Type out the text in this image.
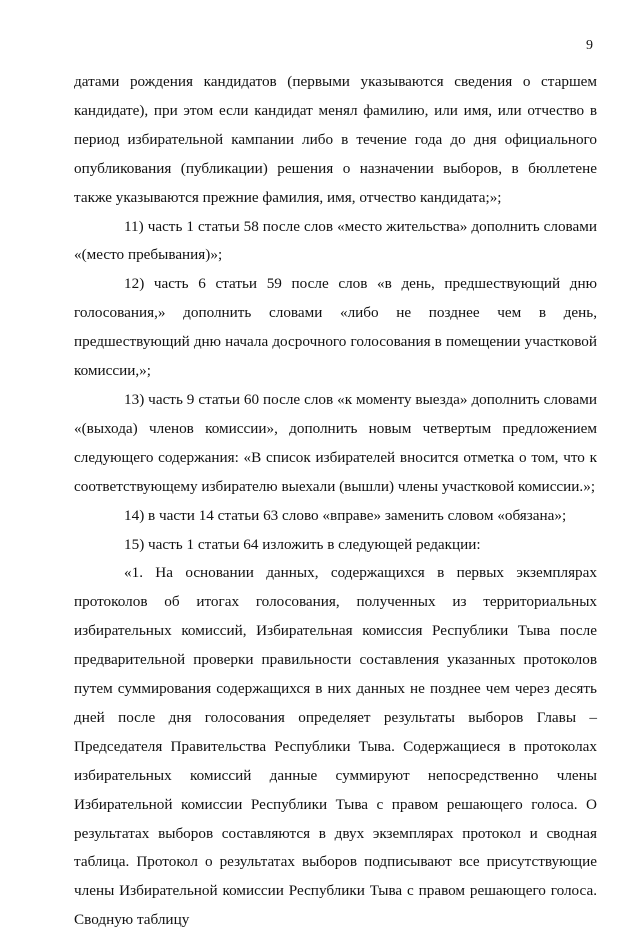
9

датами рождения кандидатов (первыми указываются сведения о старшем кандидате), при этом если кандидат менял фамилию, или имя, или отчество в период избирательной кампании либо в течение года до дня официального опубликования (публикации) решения о назначении выборов, в бюллетене также указываются прежние фамилия, имя, отчество кандидата;»;

11) часть 1 статьи 58 после слов «место жительства» дополнить словами «(место пребывания)»;

12) часть 6 статьи 59 после слов «в день, предшествующий дню голосования,» дополнить словами «либо не позднее чем в день, предшествующий дню начала досрочного голосования в помещении участковой комиссии,»;

13) часть 9 статьи 60 после слов «к моменту выезда» дополнить словами «(выхода) членов комиссии», дополнить новым четвертым предложением следующего содержания: «В список избирателей вносится отметка о том, что к соответствующему избирателю выехали (вышли) члены участковой комиссии.»;

14) в части 14 статьи 63 слово «вправе» заменить словом «обязана»;

15) часть 1 статьи 64 изложить в следующей редакции:

«1. На основании данных, содержащихся в первых экземплярах протоколов об итогах голосования, полученных из территориальных избирательных комиссий, Избирательная комиссия Республики Тыва после предварительной проверки правильности составления указанных протоколов путем суммирования содержащихся в них данных не позднее чем через десять дней после дня голосования определяет результаты выборов Главы – Председателя Правительства Республики Тыва. Содержащиеся в протоколах избирательных комиссий данные суммируют непосредственно члены Избирательной комиссии Республики Тыва с правом решающего голоса. О результатах выборов составляются в двух экземплярах протокол и сводная таблица. Протокол о результатах выборов подписывают все присутствующие члены Избирательной комиссии Республики Тыва с правом решающего голоса. Сводную таблицу
